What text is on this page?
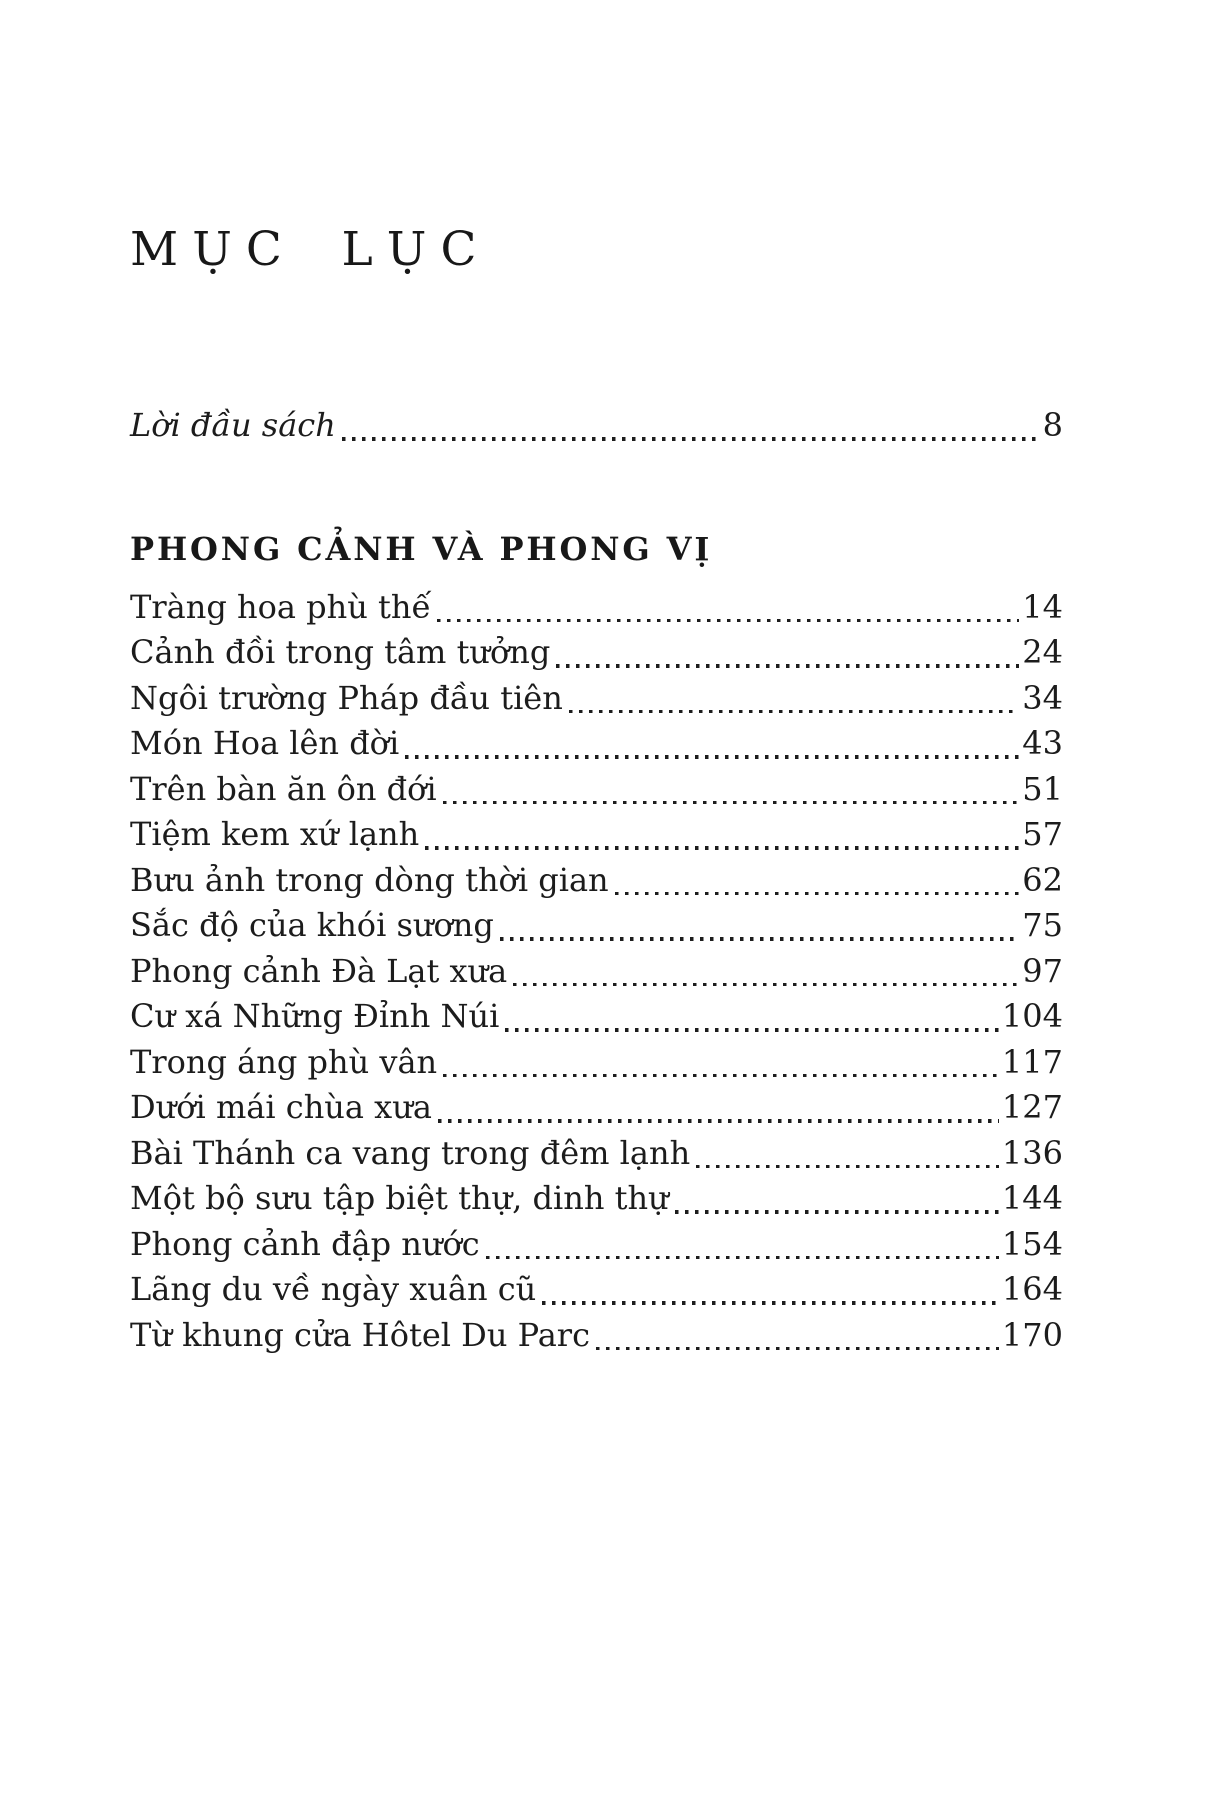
MỤC LỤC
Lời đầu sách	8
PHONG CẢNH VÀ PHONG VỊ
Tràng hoa phù thế	14
Cảnh đồi trong tâm tưởng	24
Ngôi trường Pháp đầu tiên	34
Món Hoa lên đời	43
Trên bàn ăn ôn đới	51
Tiệm kem xứ lạnh	57
Bưu ảnh trong dòng thời gian	62
Sắc độ của khói sương	75
Phong cảnh Đà Lạt xưa	97
Cư xá Những Đỉnh Núi	104
Trong áng phù vân	117
Dưới mái chùa xưa	127
Bài Thánh ca vang trong đêm lạnh	136
Một bộ sưu tập biệt thự, dinh thự	144
Phong cảnh đập nước	154
Lãng du về ngày xuân cũ	164
Từ khung cửa Hôtel Du Parc	170
